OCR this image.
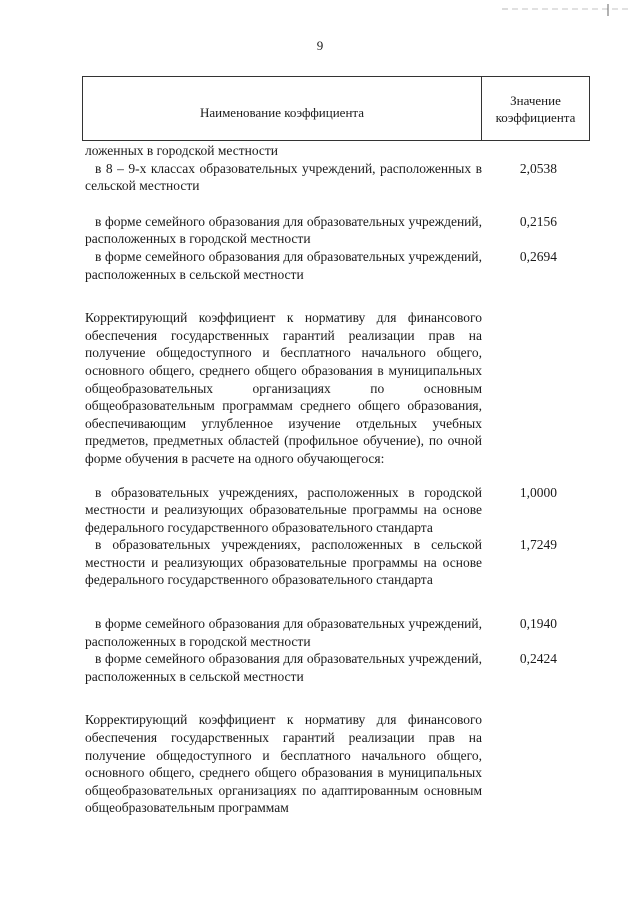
9
Наименование коэффициента
Значение коэффициента
ложенных в городской местности
в 8 – 9-х классах образовательных учреждений, расположенных в сельской местности
2,0538
в форме семейного образования для образовательных учреждений, расположенных в городской местности
0,2156
в форме семейного образования для образовательных учреждений, расположенных в сельской местности
0,2694
Корректирующий коэффициент к нормативу для финансового обеспечения государственных гарантий реализации прав на получение общедоступного и бесплатного начального общего, основного общего, среднего общего образования в муниципальных общеобразовательных организациях по основным общеобразовательным программам среднего общего образования, обеспечивающим углубленное изучение отдельных учебных предметов, предметных областей (профильное обучение), по очной форме обучения в расчете на одного обучающегося:
в образовательных учреждениях, расположенных в городской местности и реализующих образовательные программы на основе федерального государственного образовательного стандарта
1,0000
в образовательных учреждениях, расположенных в сельской местности и реализующих образовательные программы на основе федерального государственного образовательного стандарта
1,7249
в форме семейного образования для образовательных учреждений, расположенных в городской местности
0,1940
в форме семейного образования для образовательных учреждений, расположенных в сельской местности
0,2424
Корректирующий коэффициент к нормативу для финансового обеспечения государственных гарантий реализации прав на получение общедоступного и бесплатного начального общего, основного общего, среднего общего образования в муниципальных общеобразовательных организациях по адаптированным основным общеобразовательным программам
